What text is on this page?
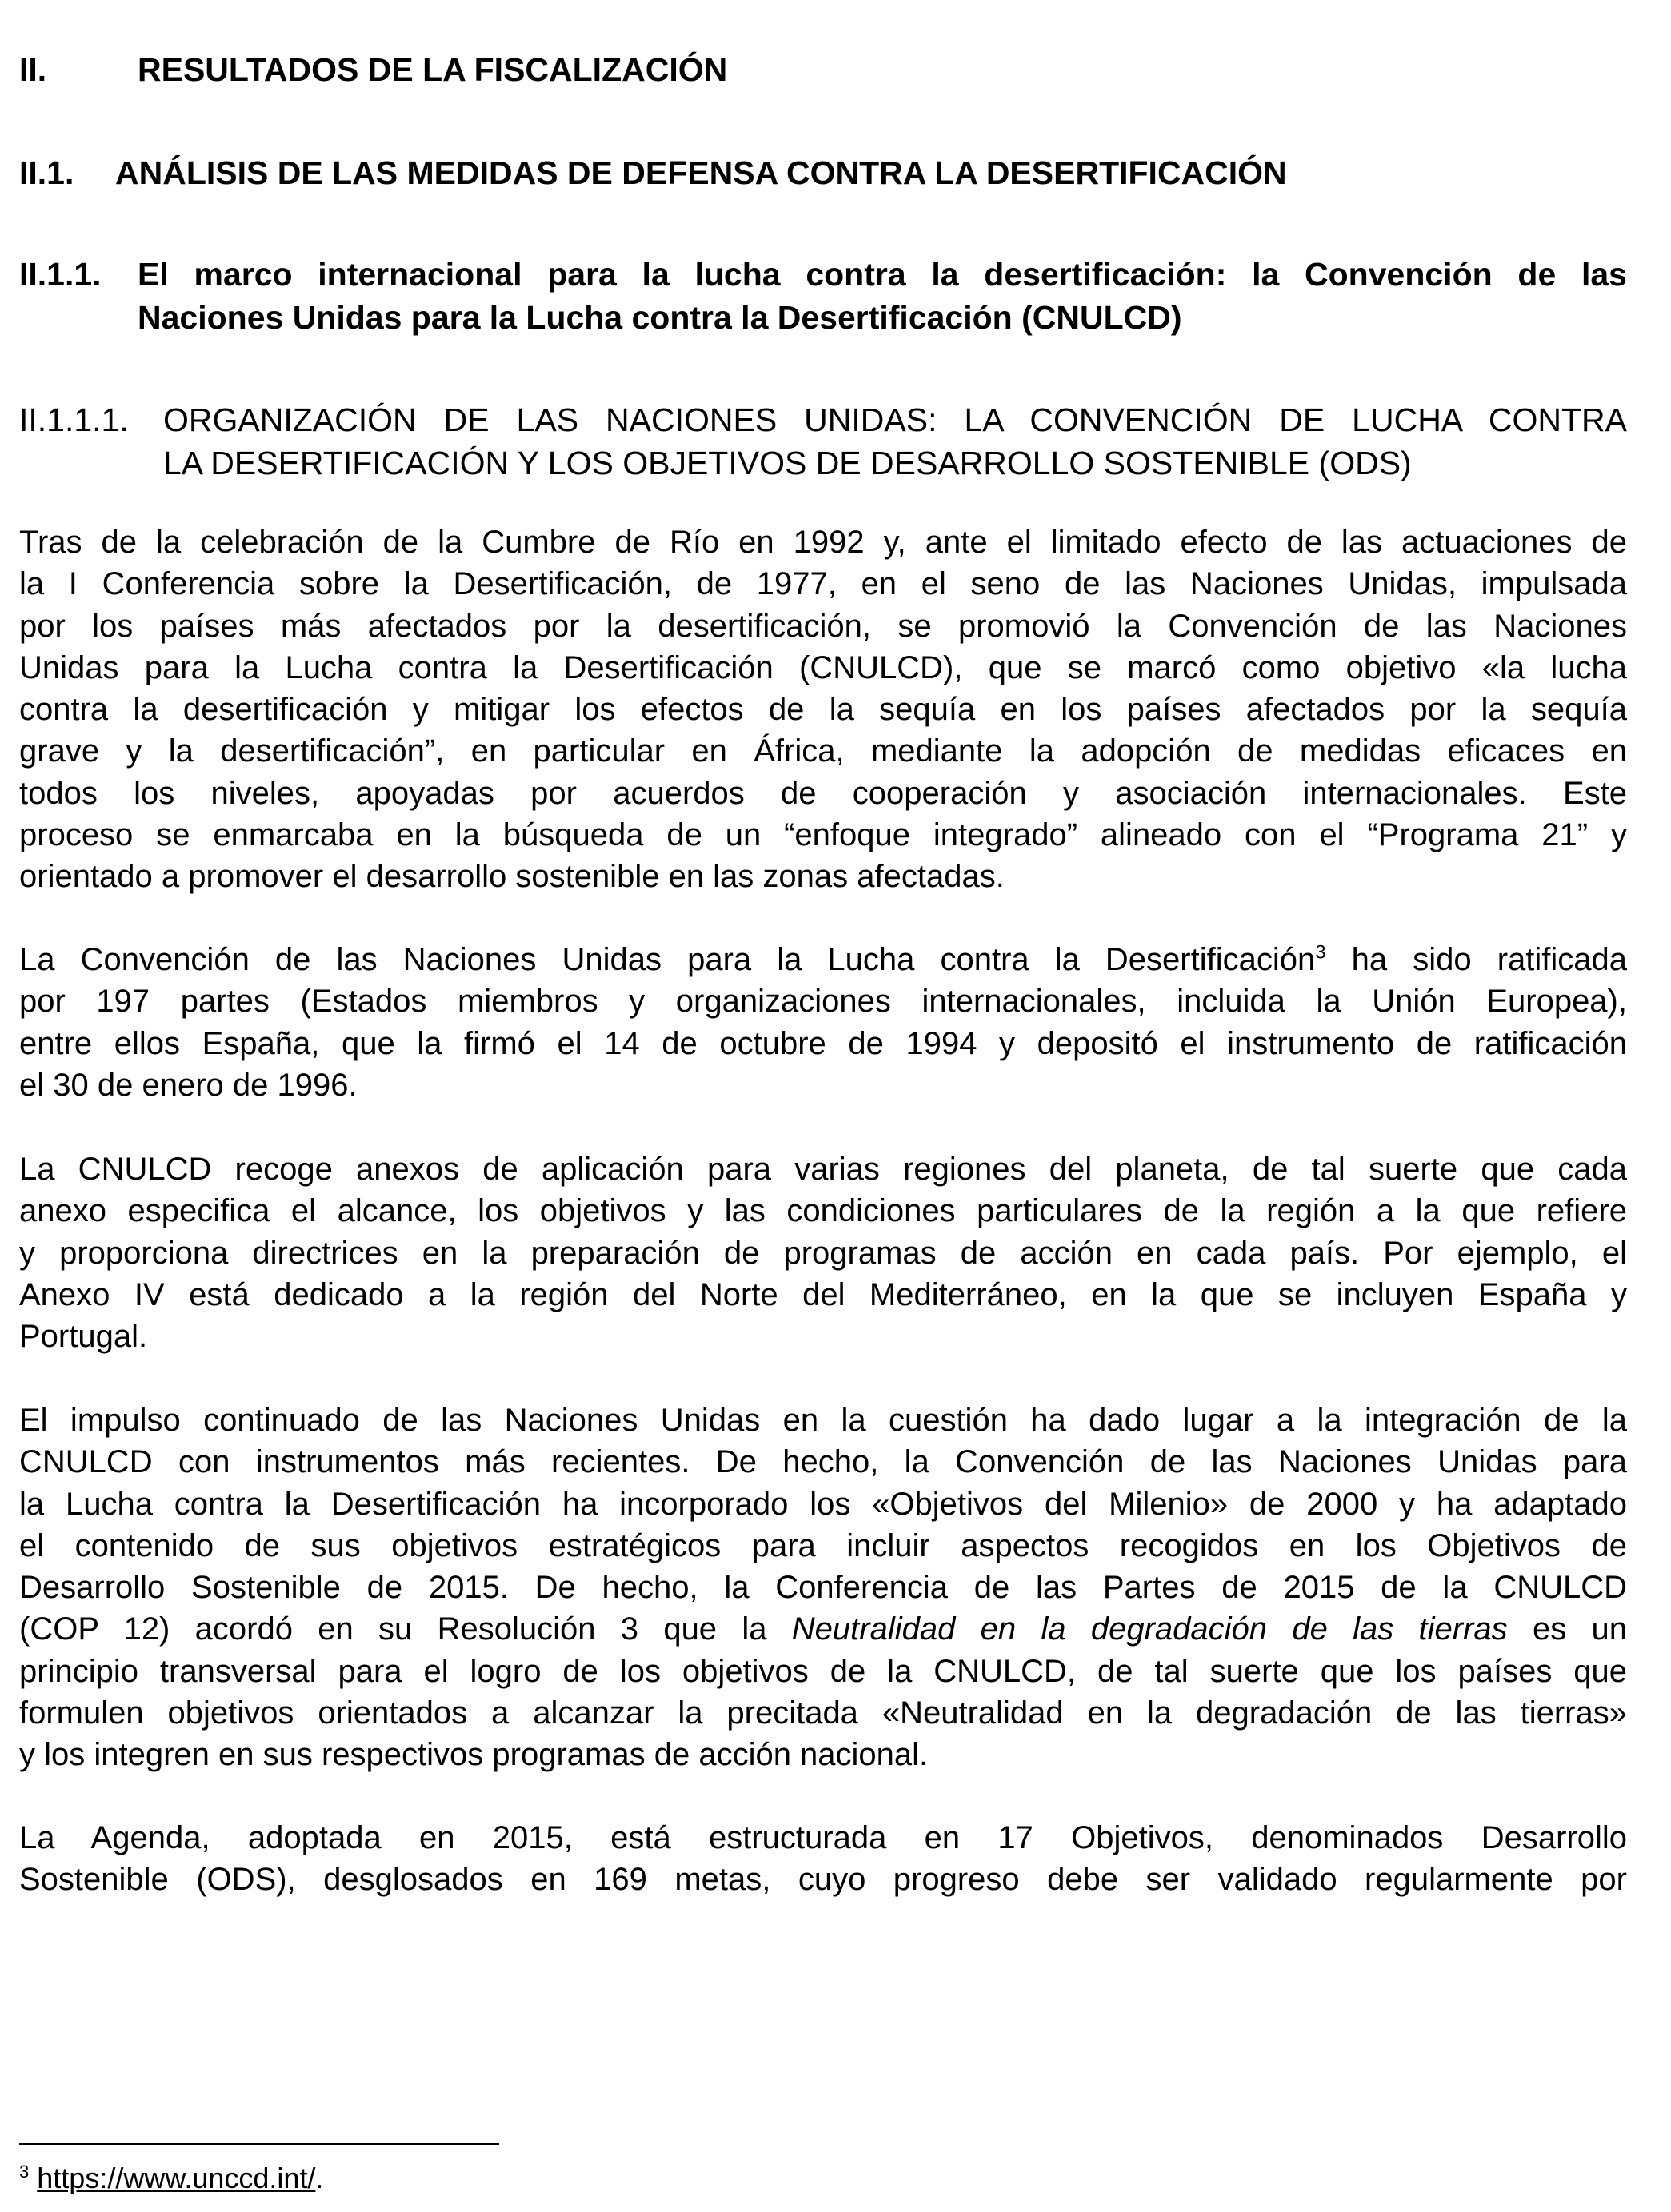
II.	RESULTADOS DE LA FISCALIZACIÓN
II.1. ANÁLISIS DE LAS MEDIDAS DE DEFENSA CONTRA LA DESERTIFICACIÓN
II.1.1. El marco internacional para la lucha contra la desertificación: la Convención de las
Naciones Unidas para la Lucha contra la Desertificación (CNULCD)
II.1.1.1. ORGANIZACIÓN DE LAS NACIONES UNIDAS: LA CONVENCIÓN DE LUCHA CONTRA
LA DESERTIFICACIÓN Y LOS OBJETIVOS DE DESARROLLO SOSTENIBLE (ODS)
Tras de la celebración de la Cumbre de Río en 1992 y, ante el limitado efecto de las actuaciones de
la I Conferencia sobre la Desertificación, de 1977, en el seno de las Naciones Unidas, impulsada
por los países más afectados por la desertificación, se promovió la Convención de las Naciones
Unidas para la Lucha contra la Desertificación (CNULCD), que se marcó como objetivo «la lucha
contra la desertificación y mitigar los efectos de la sequía en los países afectados por la sequía
grave y la desertificación”, en particular en África, mediante la adopción de medidas eficaces en
todos los niveles, apoyadas por acuerdos de cooperación y asociación internacionales. Este
proceso se enmarcaba en la búsqueda de un “enfoque integrado” alineado con el “Programa 21” y
orientado a promover el desarrollo sostenible en las zonas afectadas.
La Convención de las Naciones Unidas para la Lucha contra la Desertificación$^3$ ha sido ratificada
por 197 partes (Estados miembros y organizaciones internacionales, incluida la Unión Europea),
entre ellos España, que la firmó el 14 de octubre de 1994 y depositó el instrumento de ratificación
el 30 de enero de 1996.
La CNULCD recoge anexos de aplicación para varias regiones del planeta, de tal suerte que cada
anexo especifica el alcance, los objetivos y las condiciones particulares de la región a la que refiere
y proporciona directrices en la preparación de programas de acción en cada país. Por ejemplo, el
Anexo IV está dedicado a la región del Norte del Mediterráneo, en la que se incluyen España y
Portugal.
El impulso continuado de las Naciones Unidas en la cuestión ha dado lugar a la integración de la
CNULCD con instrumentos más recientes. De hecho, la Convención de las Naciones Unidas para
la Lucha contra la Desertificación ha incorporado los «Objetivos del Milenio» de 2000 y ha adaptado
el contenido de sus objetivos estratégicos para incluir aspectos recogidos en los Objetivos de
Desarrollo Sostenible de 2015. De hecho, la Conferencia de las Partes de 2015 de la CNULCD
(COP 12) acordó en su Resolución 3 que la Neutralidad en la degradación de las tierras es un
principio transversal para el logro de los objetivos de la CNULCD, de tal suerte que los países que
formulen objetivos orientados a alcanzar la precitada «Neutralidad en la degradación de las tierras»
y los integren en sus respectivos programas de acción nacional.
La Agenda, adoptada en 2015, está estructurada en 17 Objetivos, denominados Desarrollo
Sostenible (ODS), desglosados en 169 metas, cuyo progreso debe ser validado regularmente por
$^3$ https://www.unccd.int/.
